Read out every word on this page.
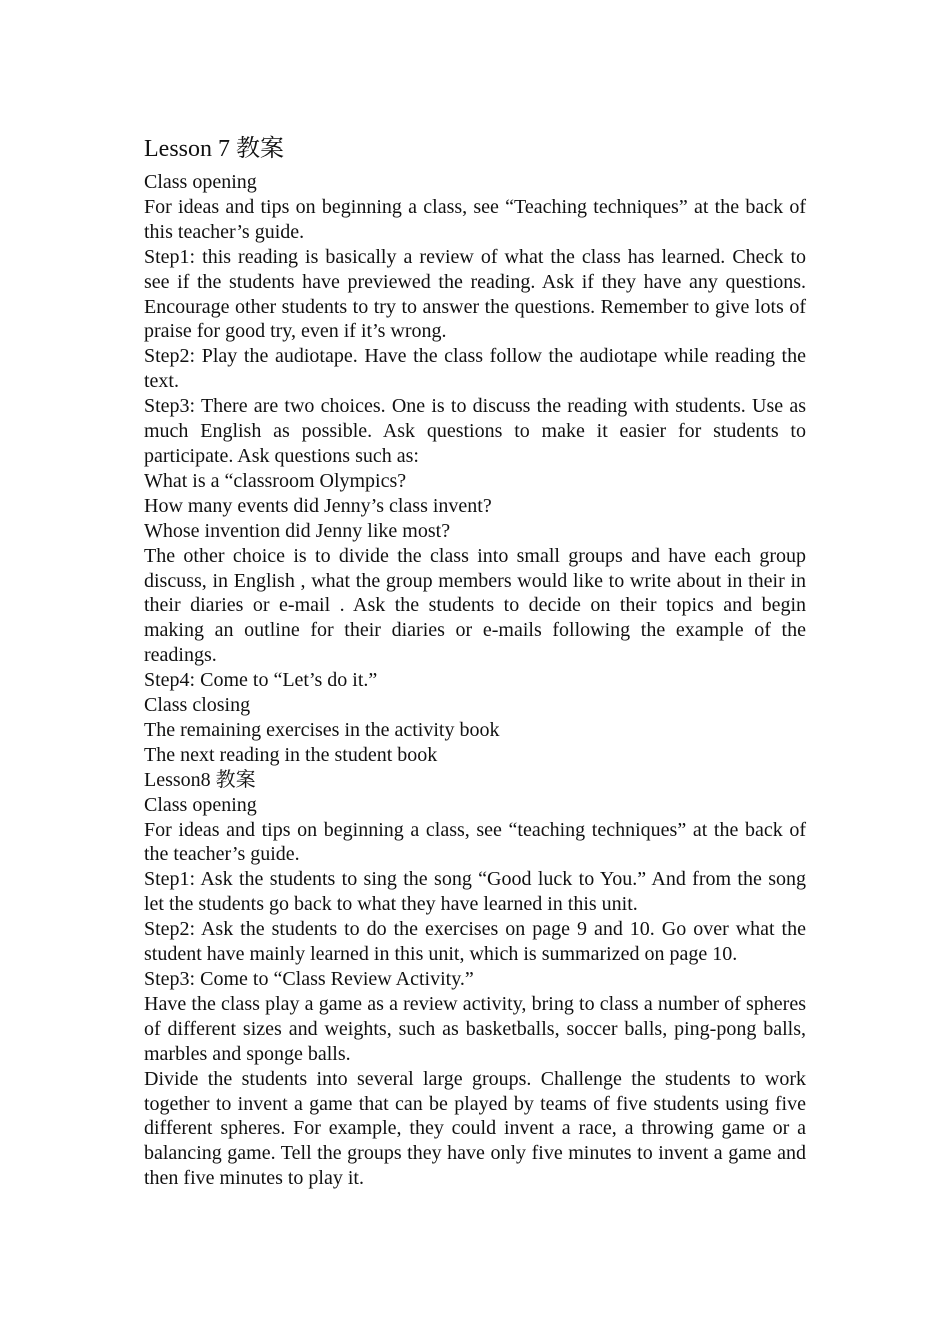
Lesson 7 教案

Class opening

For ideas and tips on beginning a class, see “Teaching techniques” at the back of this teacher’s guide.

Step1: this reading is basically a review of what the class has learned. Check to see if the students have previewed the reading. Ask if they have any questions. Encourage other students to try to answer the questions. Remember to give lots of praise for good try, even if it’s wrong.

Step2: Play the audiotape. Have the class follow the audiotape while reading the text.

Step3: There are two choices. One is to discuss the reading with students. Use as much English as possible. Ask questions to make it easier for students to participate. Ask questions such as:

What is a “classroom Olympics?

How many events did Jenny’s class invent?

Whose invention did Jenny like most?

The other choice is to divide the class into small groups and have each group discuss, in English , what the group members would like to write about in their in their diaries or e-mail . Ask the students to decide on their topics and begin making an outline for their diaries or e-mails following the example of the readings.

Step4: Come to “Let’s do it.”

Class closing

The remaining exercises in the activity book

The next reading in the student book

Lesson8 教案

Class opening

For ideas and tips on beginning a class, see “teaching techniques” at the back of the teacher’s guide.

Step1: Ask the students to sing the song “Good luck to You.” And from the song let the students go back to what they have learned in this unit.

Step2: Ask the students to do the exercises on page 9 and 10. Go over what the student have mainly learned in this unit, which is summarized on page 10.

Step3: Come to “Class Review Activity.”

Have the class play a game as a review activity, bring to class a number of spheres of different sizes and weights, such as basketballs, soccer balls, ping-pong balls, marbles and sponge balls.

Divide the students into several large groups. Challenge the students to work together to invent a game that can be played by teams of five students using five different spheres. For example, they could invent a race, a throwing game or a balancing game. Tell the groups they have only five minutes to invent a game and then five minutes to play it.
